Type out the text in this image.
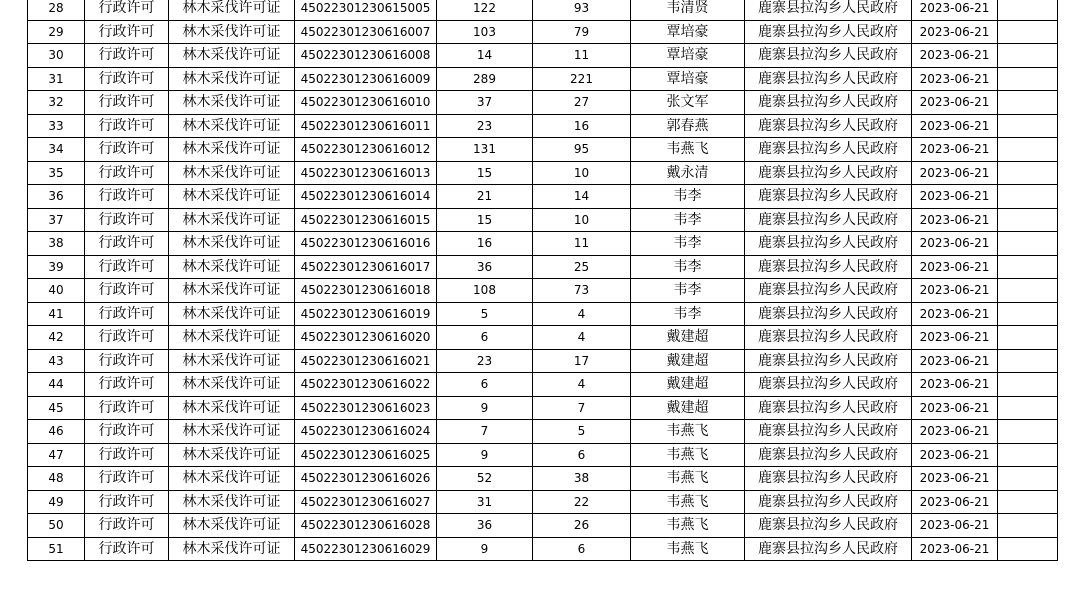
28	行政许可	林木采伐许可证	45022301230615005	122	93	韦清贤	鹿寨县拉沟乡人民政府	2023-06-21	
29	行政许可	林木采伐许可证	45022301230616007	103	79	覃培豪	鹿寨县拉沟乡人民政府	2023-06-21	
30	行政许可	林木采伐许可证	45022301230616008	14	11	覃培豪	鹿寨县拉沟乡人民政府	2023-06-21	
31	行政许可	林木采伐许可证	45022301230616009	289	221	覃培豪	鹿寨县拉沟乡人民政府	2023-06-21	
32	行政许可	林木采伐许可证	45022301230616010	37	27	张文军	鹿寨县拉沟乡人民政府	2023-06-21	
33	行政许可	林木采伐许可证	45022301230616011	23	16	郭春燕	鹿寨县拉沟乡人民政府	2023-06-21	
34	行政许可	林木采伐许可证	45022301230616012	131	95	韦燕飞	鹿寨县拉沟乡人民政府	2023-06-21	
35	行政许可	林木采伐许可证	45022301230616013	15	10	戴永清	鹿寨县拉沟乡人民政府	2023-06-21	
36	行政许可	林木采伐许可证	45022301230616014	21	14	韦李	鹿寨县拉沟乡人民政府	2023-06-21	
37	行政许可	林木采伐许可证	45022301230616015	15	10	韦李	鹿寨县拉沟乡人民政府	2023-06-21	
38	行政许可	林木采伐许可证	45022301230616016	16	11	韦李	鹿寨县拉沟乡人民政府	2023-06-21	
39	行政许可	林木采伐许可证	45022301230616017	36	25	韦李	鹿寨县拉沟乡人民政府	2023-06-21	
40	行政许可	林木采伐许可证	45022301230616018	108	73	韦李	鹿寨县拉沟乡人民政府	2023-06-21	
41	行政许可	林木采伐许可证	45022301230616019	5	4	韦李	鹿寨县拉沟乡人民政府	2023-06-21	
42	行政许可	林木采伐许可证	45022301230616020	6	4	戴建超	鹿寨县拉沟乡人民政府	2023-06-21	
43	行政许可	林木采伐许可证	45022301230616021	23	17	戴建超	鹿寨县拉沟乡人民政府	2023-06-21	
44	行政许可	林木采伐许可证	45022301230616022	6	4	戴建超	鹿寨县拉沟乡人民政府	2023-06-21	
45	行政许可	林木采伐许可证	45022301230616023	9	7	戴建超	鹿寨县拉沟乡人民政府	2023-06-21	
46	行政许可	林木采伐许可证	45022301230616024	7	5	韦燕飞	鹿寨县拉沟乡人民政府	2023-06-21	
47	行政许可	林木采伐许可证	45022301230616025	9	6	韦燕飞	鹿寨县拉沟乡人民政府	2023-06-21	
48	行政许可	林木采伐许可证	45022301230616026	52	38	韦燕飞	鹿寨县拉沟乡人民政府	2023-06-21	
49	行政许可	林木采伐许可证	45022301230616027	31	22	韦燕飞	鹿寨县拉沟乡人民政府	2023-06-21	
50	行政许可	林木采伐许可证	45022301230616028	36	26	韦燕飞	鹿寨县拉沟乡人民政府	2023-06-21	
51	行政许可	林木采伐许可证	45022301230616029	9	6	韦燕飞	鹿寨县拉沟乡人民政府	2023-06-21	
